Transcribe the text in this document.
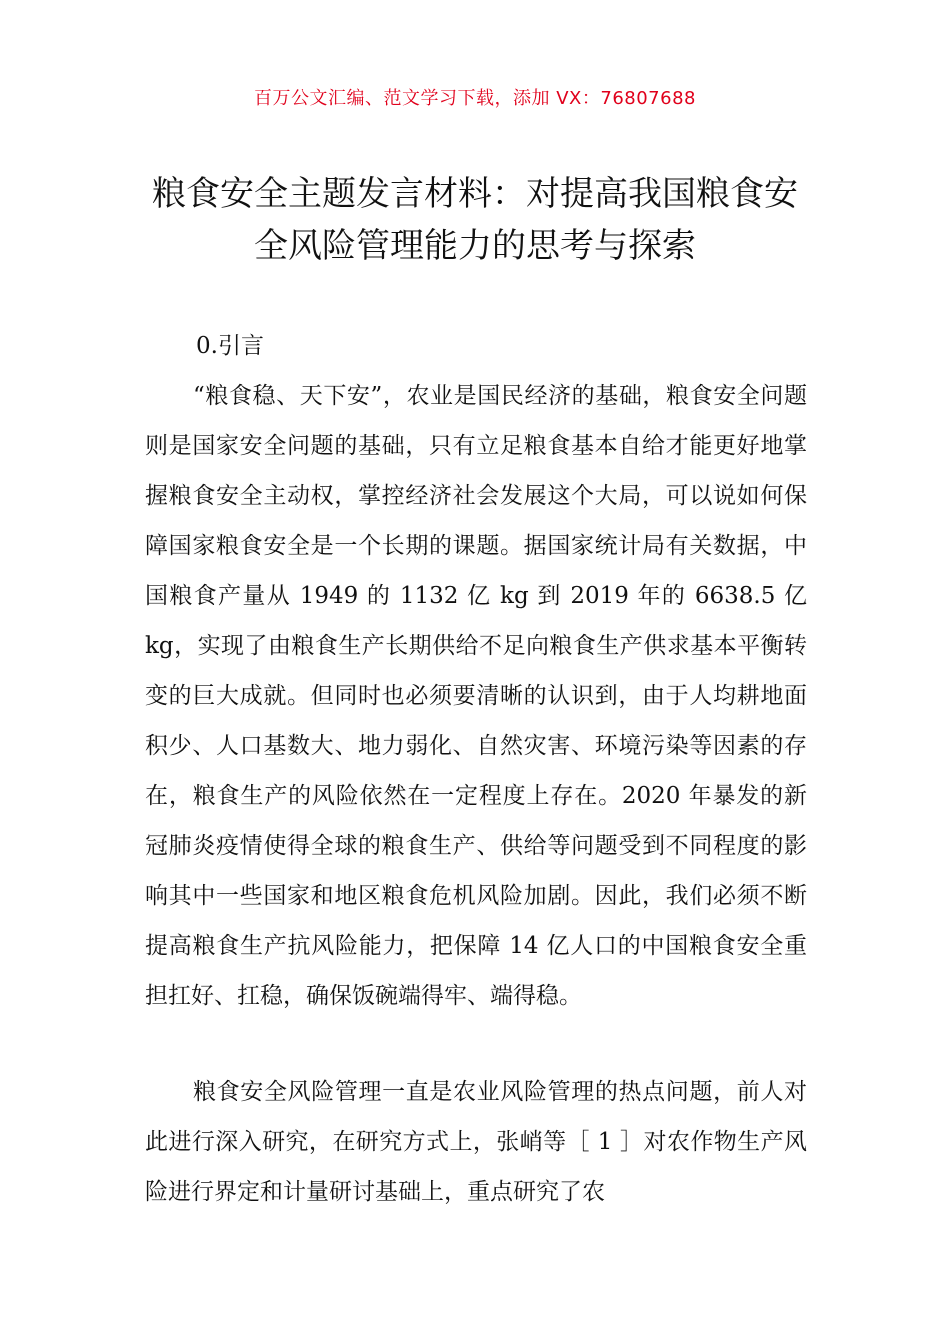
百万公文汇编、范文学习下载，添加 VX：76807688
粮食安全主题发言材料：对提高我国粮食安全风险管理能力的思考与探索
0.引言

“粮食稳、天下安”，农业是国民经济的基础，粮食安全问题则是国家安全问题的基础，只有立足粮食基本自给才能更好地掌握粮食安全主动权，掌控经济社会发展这个大局，可以说如何保障国家粮食安全是一个长期的课题。据国家统计局有关数据，中国粮食产量从 1949 的 1132 亿 kg 到 2019 年的 6638.5 亿 kg，实现了由粮食生产长期供给不足向粮食生产供求基本平衡转变的巨大成就。但同时也必须要清晰的认识到，由于人均耕地面积少、人口基数大、地力弱化、自然灾害、环境污染等因素的存在，粮食生产的风险依然在一定程度上存在。2020 年暴发的新冠肺炎疫情使得全球的粮食生产、供给等问题受到不同程度的影响其中一些国家和地区粮食危机风险加剧。因此，我们必须不断提高粮食生产抗风险能力，把保障 14 亿人口的中国粮食安全重担扛好、扛稳，确保饭碗端得牢、端得稳。

粮食安全风险管理一直是农业风险管理的热点问题，前人对此进行深入研究，在研究方式上，张峭等［ 1 ］对农作物生产风险进行界定和计量研讨基础上，重点研究了农
